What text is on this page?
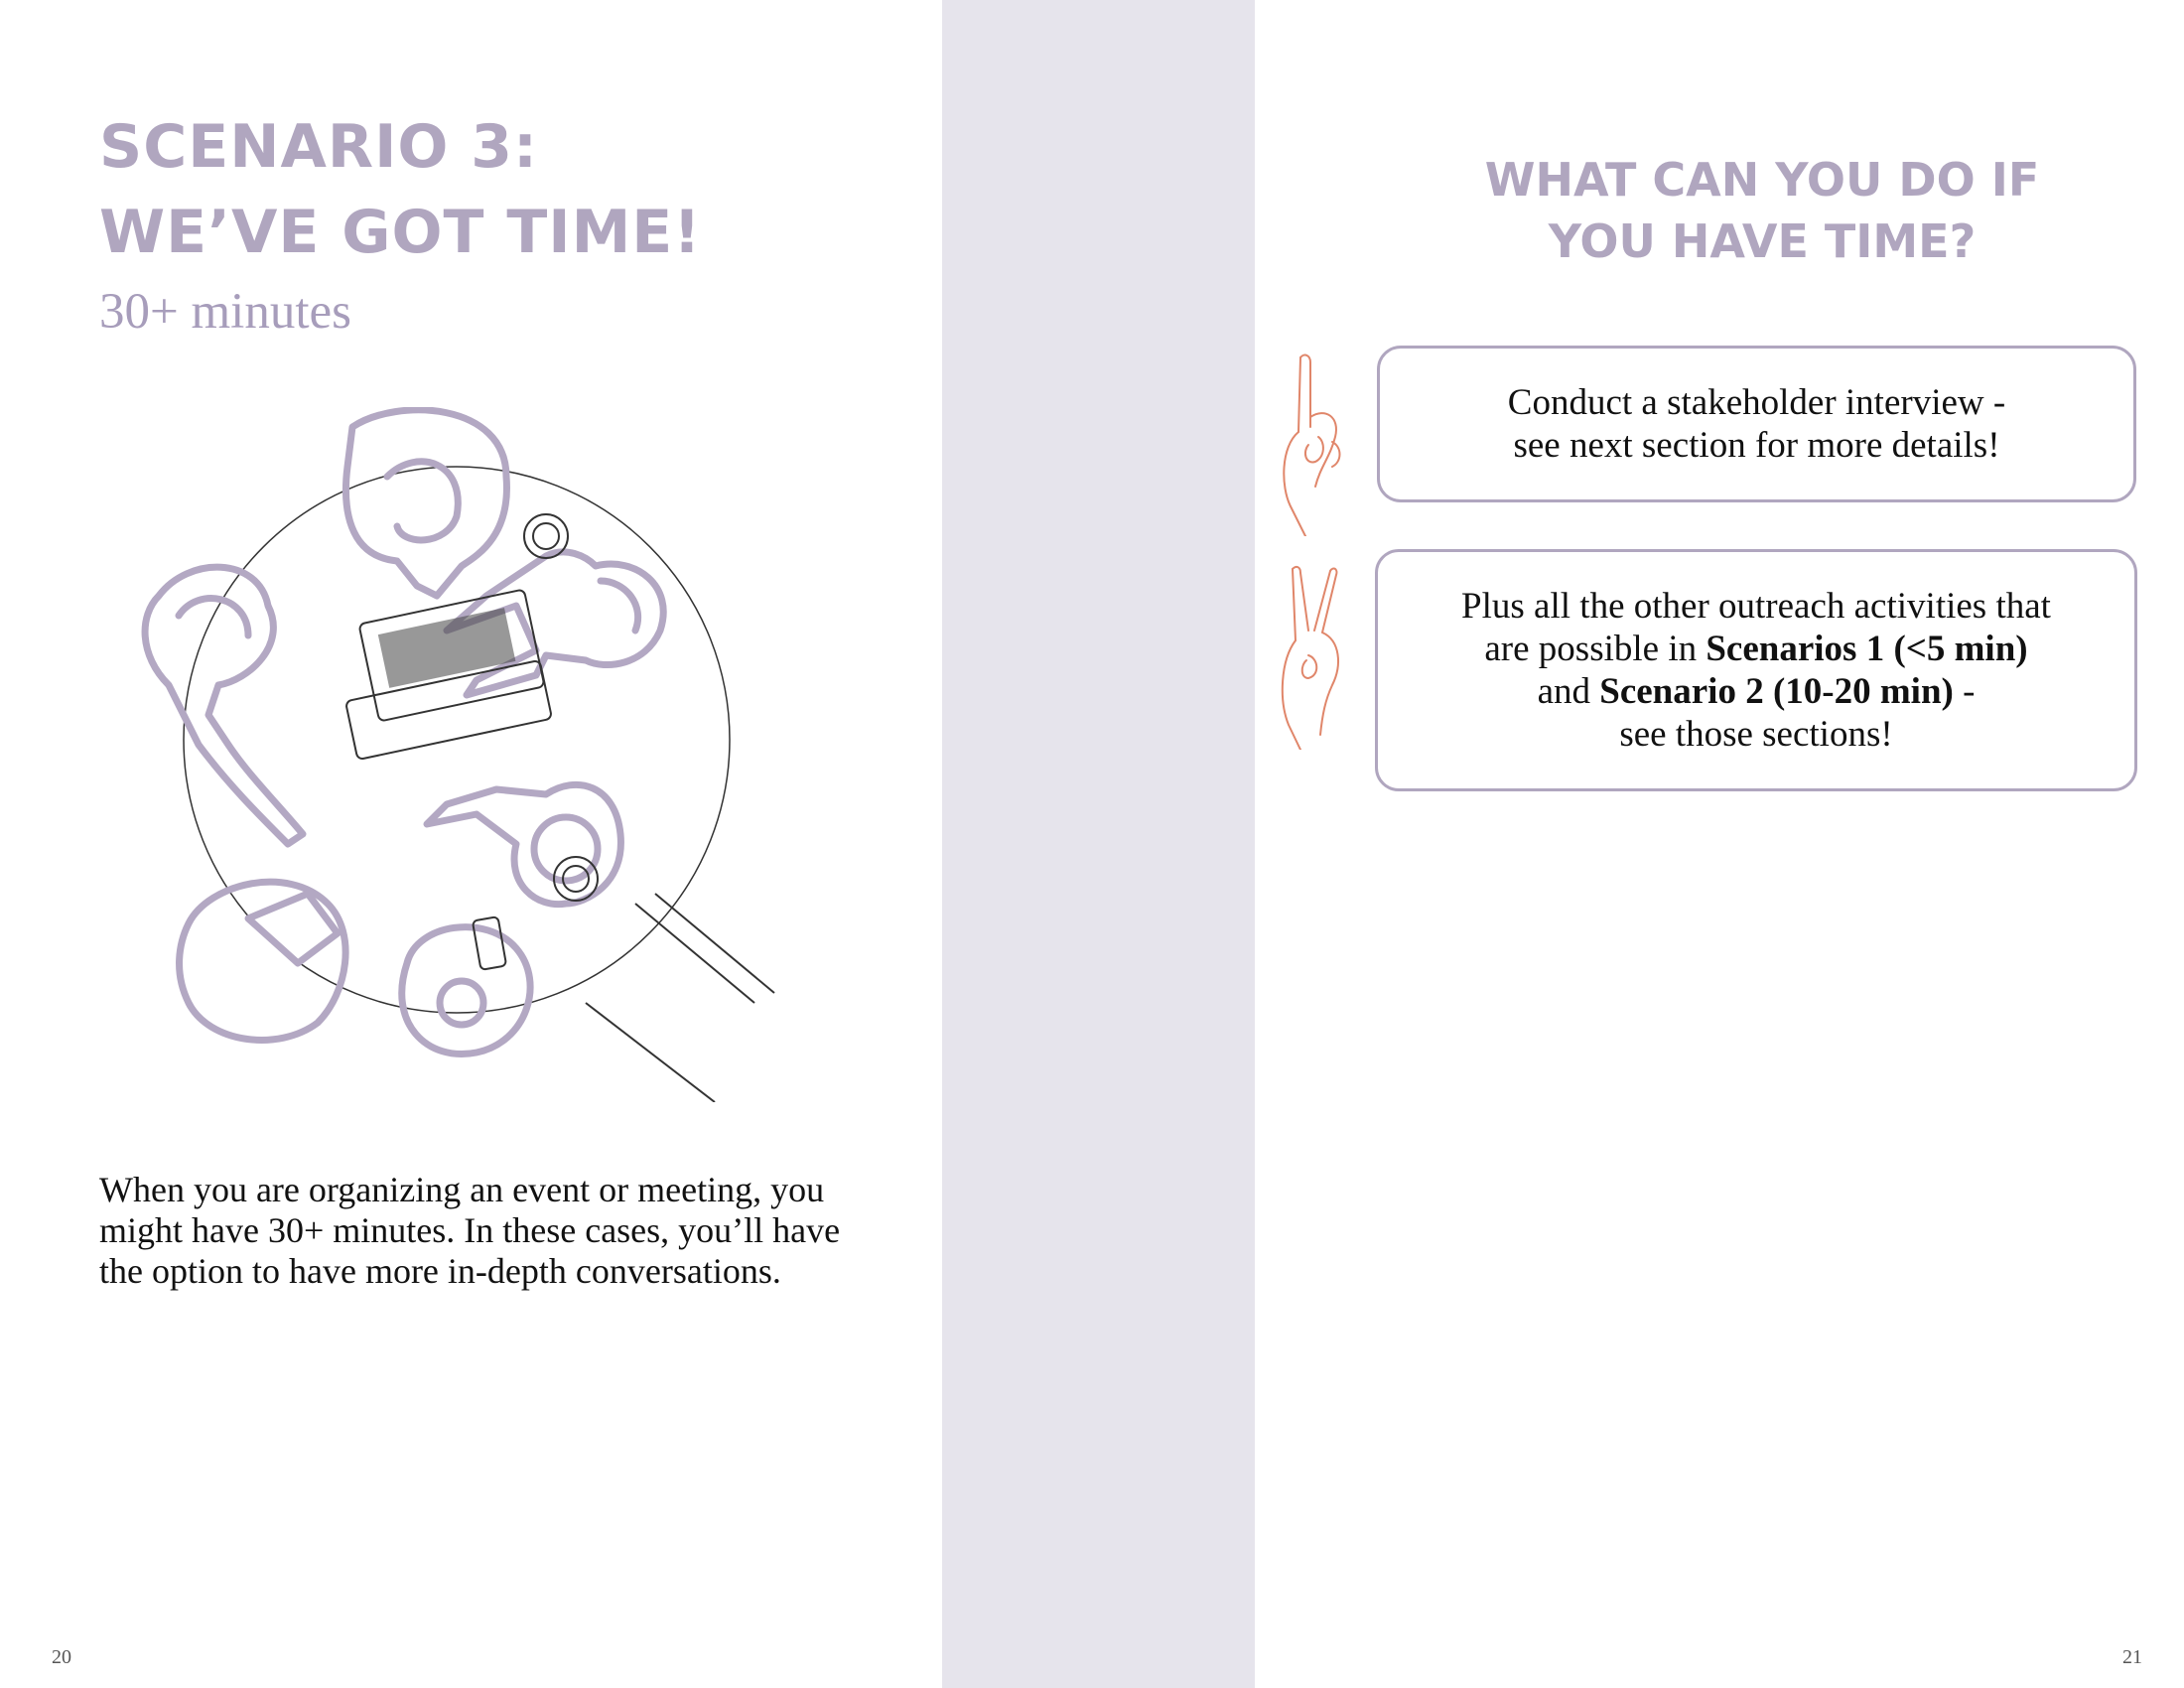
SCENARIO 3:
WE’VE GOT TIME!

30+ minutes

When you are organizing an event or meeting, you might have 30+ minutes. In these cases, you’ll have the option to have more in-depth conversations.

20
WHAT CAN YOU DO IF
YOU HAVE TIME?
Conduct a stakeholder interview -
see next section for more details!
Plus all the other outreach activities that
are possible in Scenarios 1 (<5 min)
and Scenario 2 (10-20 min) -
see those sections!
21
